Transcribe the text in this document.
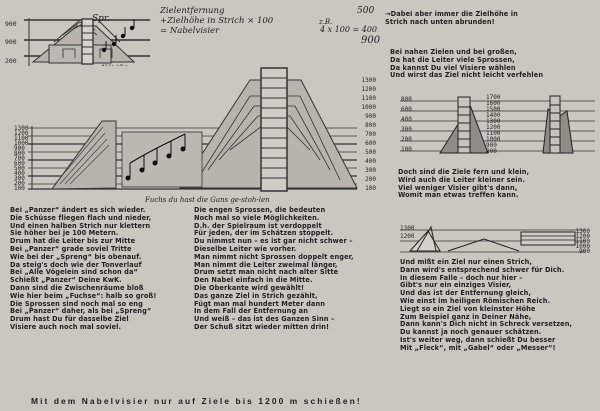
900
900
200
Spr.
Zielentfernung
+Zielhöhe in Strich × 100
= Nabelvisier
500
z.B.
4 x 100 = 400
900
→Dabei aber immer die Zielhöhe in
Strich nach unten abrunden!
1300
1200
1100
1000
900
800
700
600
500
400
300
200
100
1300
1200
1100
1000
900
800
700
600
500
400
300
200
100
Fuchs du hast die Gans ge-stoh-len
Bei nahen Zielen und bei großen,
Da hat die Leiter viele Sprossen,
Da kannst Du viel Visiere wählen
Und wirst das Ziel nicht leicht verfehlen
800
600
400
300
200
100
1700
1600
1500
1400
1300
1200
1100
1000
900
800
Doch sind die Ziele fern und klein,
Wird auch die Leiter kleiner sein.
Viel weniger Visier gibt's dann,
Womit man etwas treffen kann.
1300
1200
1300
1200
1100
1000
900
Bei „Panzer“ ändert es sich wieder.
Die Schüsse fliegen flach und nieder,
Und einen halben Strich nur klettern
Sie höher bei je 100 Metern.
Drum hat die Leiter bis zur Mitte
Bei „Panzer“ grade soviel Tritte
Wie bei der „Spreng“ bis obenauf.
Da steig's doch wie der Tonverlauf
Bei „Alle Vögelein sind schon da“
Schießt „Panzer“ Deine KwK.
Dann sind die Zwischenräume bloß
Wie hier beim „Fuchse“: halb so groß!
Die Sprossen sind noch mal so eng
Bei „Panzer“ daher, als bei „Spreng“
Drum hast Du für dasselbe Ziel
Visiere auch noch mal soviel.
Die engen Sprossen, die bedeuten
Noch mal so viele Möglichkeiten.
D.h. der Spielraum ist verdoppelt
Für jeden, der im Schätzen stoppelt.
Du nimmst nun – es ist gar nicht schwer –
Dieselbe Leiter wie vorher.
Man nimmt nicht Sprossen doppelt enger,
Man nimmt die Leiter zweimal länger,
Drum setzt man nicht nach alter Sitte
Den Nabel einfach in die Mitte.
Die Oberkante wird gewählt!
Das ganze Ziel in Strich gezählt,
Fügt man mal hundert Meter dann
In dem Fall der Entfernung an
Und weiß – das ist des Ganzen Sinn –
Der Schuß sitzt wieder mitten drin!
Und mißt ein Ziel nur einen Strich,
Dann wird's entsprechend schwer für Dich.
In diesem Falle – doch nur hier –
Gibt's nur ein einziges Visier,
Und das ist der Entfernung gleich,
Wie einst im heiligen Römischen Reich.
Liegt so ein Ziel von kleinster Höhe
Zum Beispiel ganz in Deiner Nähe,
Dann kann's Dich nicht in Schreck versetzen,
Du kannst ja noch genauer schätzen.
Ist's weiter weg, dann schießt Du besser
Mit „Fleck“, mit „Gabel“ oder „Messer“!
Mit dem Nabelvisier nur auf Ziele bis 1200 m schießen!
